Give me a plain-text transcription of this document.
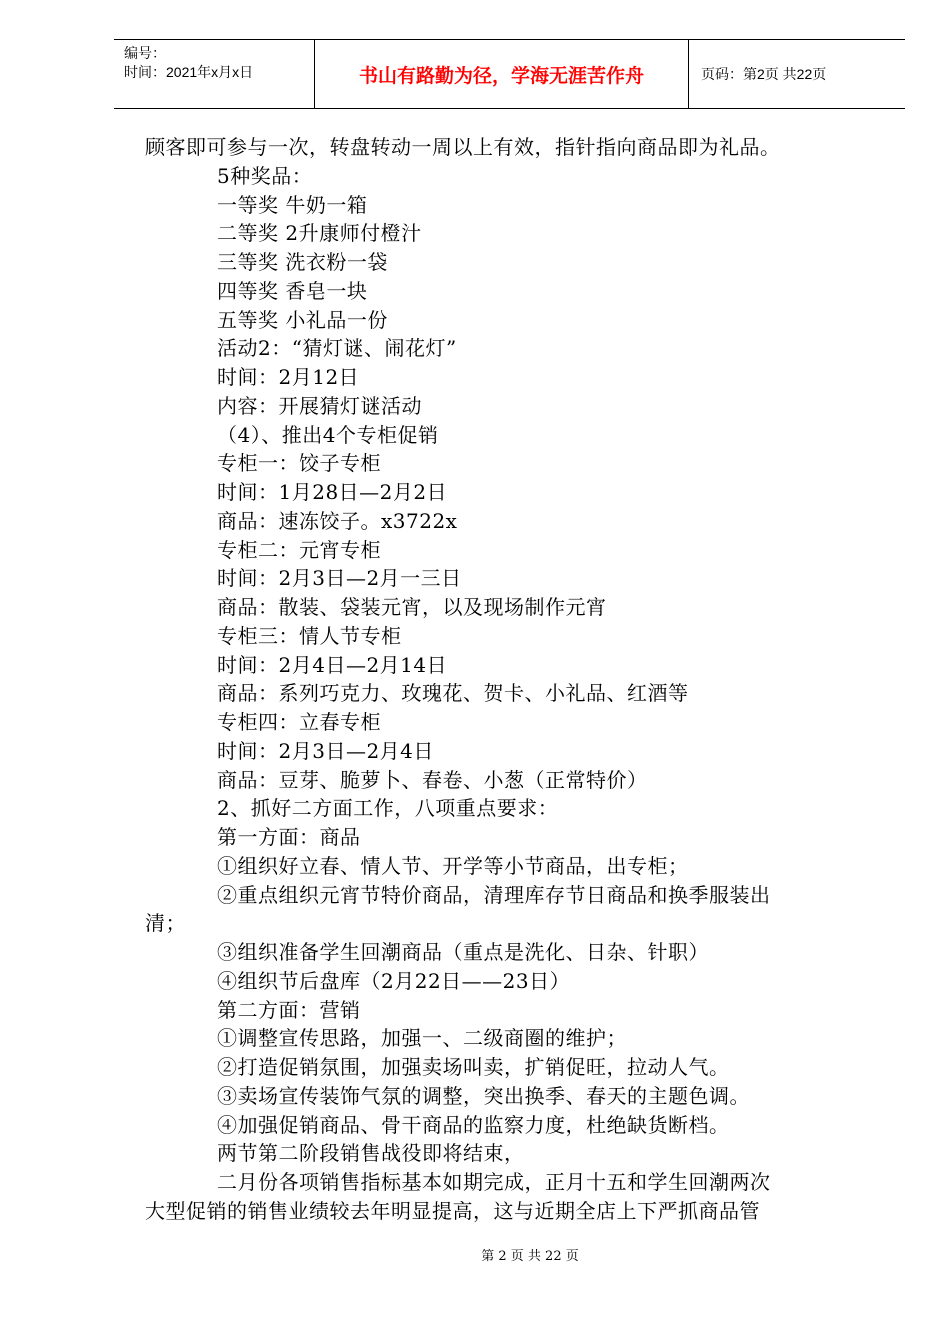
编号：
时间：2021年x月x日	书山有路勤为径，学海无涯苦作舟	页码：第2页 共22页
顾客即可参与一次，转盘转动一周以上有效，指针指向商品即为礼品。
5种奖品：
一等奖 牛奶一箱
二等奖 2升康师付橙汁
三等奖 洗衣粉一袋
四等奖 香皂一块
五等奖 小礼品一份
活动2：“猜灯谜、闹花灯”
时间：2月12日
内容：开展猜灯谜活动
（4）、推出4个专柜促销
专柜一：饺子专柜
时间：1月28日—2月2日
商品：速冻饺子。x3722x
专柜二：元宵专柜
时间：2月3日—2月一三日
商品：散装、袋装元宵，以及现场制作元宵
专柜三：情人节专柜
时间：2月4日—2月14日
商品：系列巧克力、玫瑰花、贺卡、小礼品、红酒等
专柜四：立春专柜
时间：2月3日—2月4日
商品：豆芽、脆萝卜、春卷、小葱（正常特价）
2、抓好二方面工作，八项重点要求：
第一方面：商品
①组织好立春、情人节、开学等小节商品，出专柜；
②重点组织元宵节特价商品，清理库存节日商品和换季服装出
清；
③组织准备学生回潮商品（重点是洗化、日杂、针职）
④组织节后盘库（2月22日——23日）
第二方面：营销
①调整宣传思路，加强一、二级商圈的维护；
②打造促销氛围，加强卖场叫卖，扩销促旺，拉动人气。
③卖场宣传装饰气氛的调整，突出换季、春天的主题色调。
④加强促销商品、骨干商品的监察力度，杜绝缺货断档。
两节第二阶段销售战役即将结束，
二月份各项销售指标基本如期完成，正月十五和学生回潮两次
大型促销的销售业绩较去年明显提高，这与近期全店上下严抓商品管
第 2 页 共 22 页
